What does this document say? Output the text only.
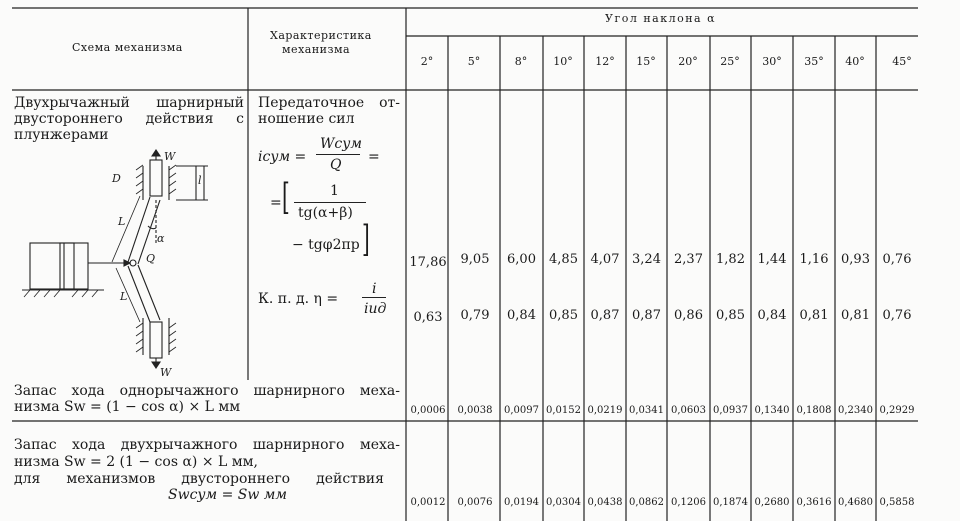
Схема механизма
Характеристика
механизма
Угол наклона α
2°	5°	8°	10°	12°	15°	20°	25°	30°	35°	40°	45°
Двухрычажный шарнирный
двустороннего действия с
плунжерами
W
W
Q
α
l
L
L
D
Передаточное от-
ношение сил
iсум =
Wсум
Q =
= [	1
tg(α+β)
− tgφ2пр ]
К. п. д. η =
i
iид
17,86	9,05	6,00	4,85 4,07 3,24	2,37	1,82 1,44	1,16 0,93 0,76
0,63	0,79	0,84	0,85 0,87 0,87	0,86	0,85 0,84	0,81 0,81 0,76
Запас хода однорычажного шарнирного меха-
низма Sw = (1 − cos α) × L мм	0,0006	0,0038	0,0097 0,0152 0,0219 0,0341 0,0603 0,0937 0,1340 0,1808 0,2340 0,2929
Запас хода двухрычажного шарнирного меха-
низма Sw = 2 (1 − cos α) × L мм,
для механизмов двустороннего действия
Swсум = Sw мм	0,0012	0,0076	0,0194 0,0304 0,0438 0,0862 0,1206 0,1874 0,2680 0,3616 0,4680 0,5858
